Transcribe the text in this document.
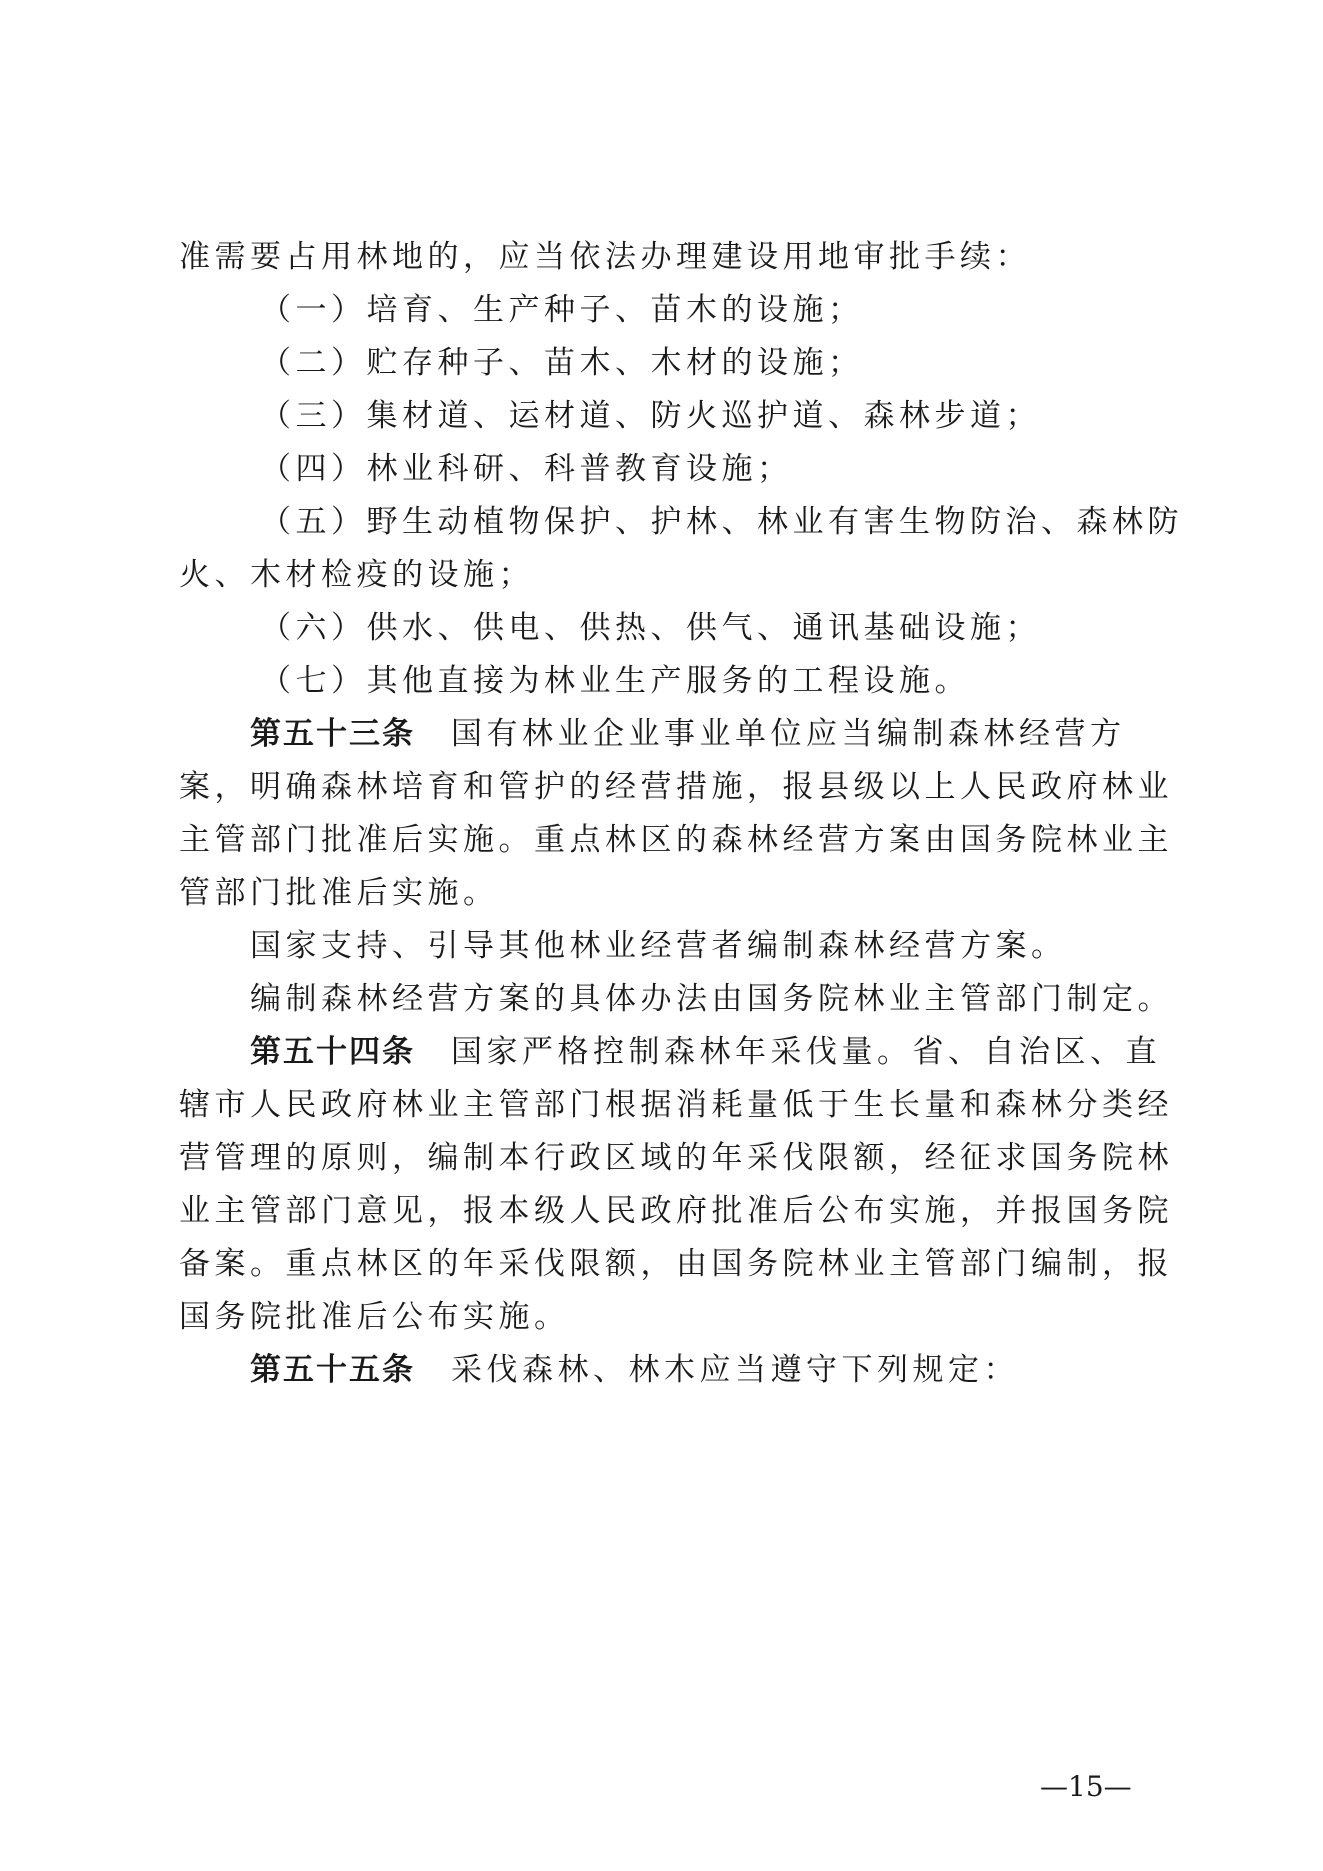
准需要占用林地的，应当依法办理建设用地审批手续：
（一）培育、生产种子、苗木的设施；
（二）贮存种子、苗木、木材的设施；
（三）集材道、运材道、防火巡护道、森林步道；
（四）林业科研、科普教育设施；
（五）野生动植物保护、护林、林业有害生物防治、森林防
火、木材检疫的设施；
（六）供水、供电、供热、供气、通讯基础设施；
（七）其他直接为林业生产服务的工程设施。
第五十三条 国有林业企业事业单位应当编制森林经营方
案，明确森林培育和管护的经营措施，报县级以上人民政府林业
主管部门批准后实施。重点林区的森林经营方案由国务院林业主
管部门批准后实施。
国家支持、引导其他林业经营者编制森林经营方案。
编制森林经营方案的具体办法由国务院林业主管部门制定。
第五十四条 国家严格控制森林年采伐量。省、自治区、直
辖市人民政府林业主管部门根据消耗量低于生长量和森林分类经
营管理的原则，编制本行政区域的年采伐限额，经征求国务院林
业主管部门意见，报本级人民政府批准后公布实施，并报国务院
备案。重点林区的年采伐限额，由国务院林业主管部门编制，报
国务院批准后公布实施。
第五十五条 采伐森林、林木应当遵守下列规定：
—15—
